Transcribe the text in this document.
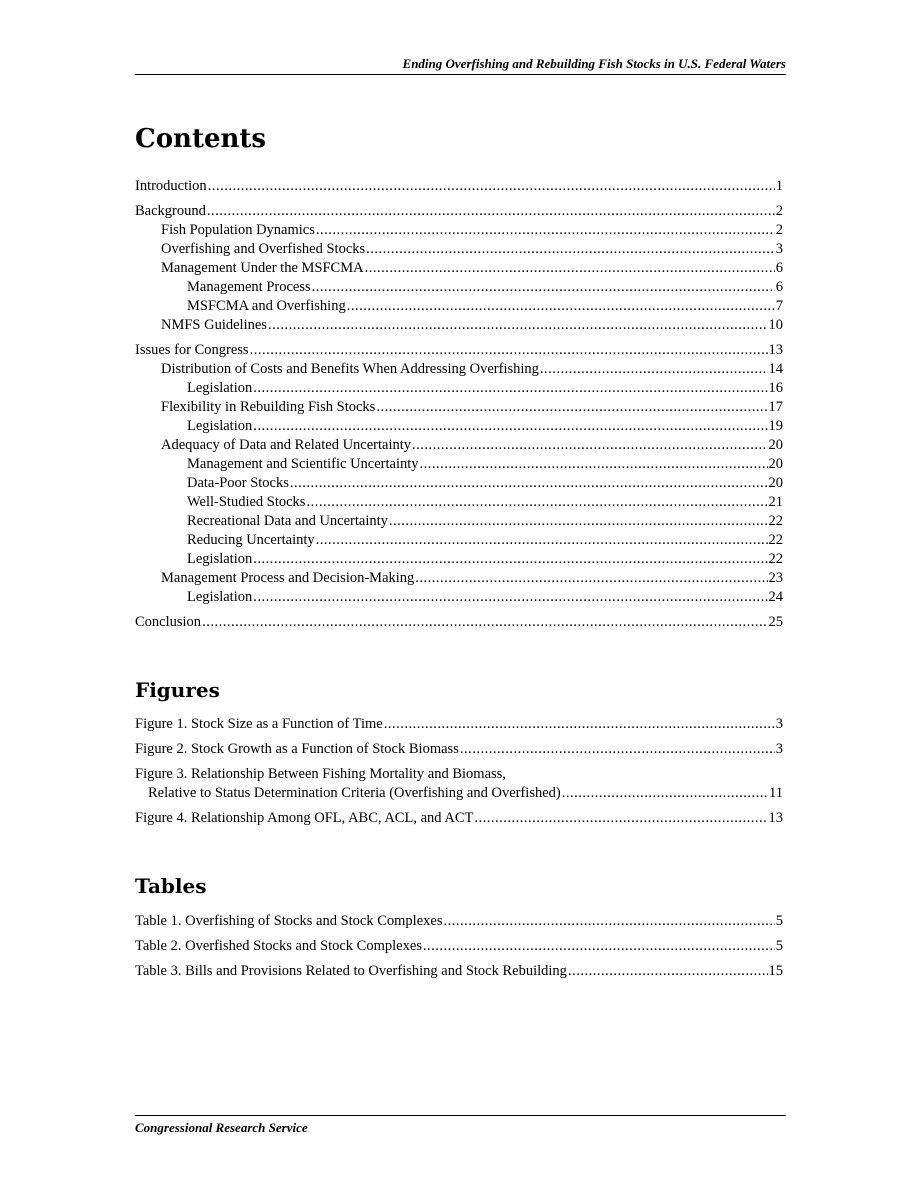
Ending Overfishing and Rebuilding Fish Stocks in U.S. Federal Waters
Contents
Introduction .....	1
Background .....	2
Fish Population Dynamics .....	2
Overfishing and Overfished Stocks .....	3
Management Under the MSFCMA .....	6
Management Process .....	6
MSFCMA and Overfishing .....	7
NMFS Guidelines .....	10
Issues for Congress .....	13
Distribution of Costs and Benefits When Addressing Overfishing .....	14
Legislation .....	16
Flexibility in Rebuilding Fish Stocks .....	17
Legislation .....	19
Adequacy of Data and Related Uncertainty .....	20
Management and Scientific Uncertainty .....	20
Data-Poor Stocks .....	20
Well-Studied Stocks .....	21
Recreational Data and Uncertainty .....	22
Reducing Uncertainty .....	22
Legislation .....	22
Management Process and Decision-Making .....	23
Legislation .....	24
Conclusion .....	25
Figures
Figure 1. Stock Size as a Function of Time .....	3
Figure 2. Stock Growth as a Function of Stock Biomass .....	3
Figure 3. Relationship Between Fishing Mortality and Biomass,
Relative to Status Determination Criteria (Overfishing and Overfished) .....	11
Figure 4. Relationship Among OFL, ABC, ACL, and ACT .....	13
Tables
Table 1. Overfishing of Stocks and Stock Complexes .....	5
Table 2. Overfished Stocks and Stock Complexes .....	5
Table 3. Bills and Provisions Related to Overfishing and Stock Rebuilding .....	15
Congressional Research Service
